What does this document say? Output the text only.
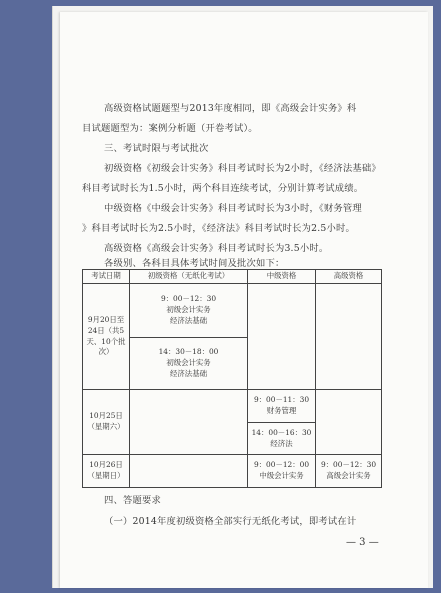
高级资格试题题型与2013年度相同，即《高级会计实务》科
目试题题型为：案例分析题（开卷考试）。
三、考试时限与考试批次
初级资格《初级会计实务》科目考试时长为2小时，《经济法基础》
科目考试时长为1.5小时，两个科目连续考试，分别计算考试成绩。
中级资格《中级会计实务》科目考试时长为3小时，《财务管理
》科目考试时长为2.5小时，《经济法》科目考试时长为2.5小时。
高级资格《高级会计实务》科目考试时长为3.5小时。
考试日期	初级资格（无纸化考试）	中级资格	高级资格

9月20日至
24日（共5
天、10个批
次）	9：00－12：30
初级会计实务
经济法基础		

	14：30－18：00
初级会计实务
经济法基础		

10月25日
（星期六）		9：00－11：30
财务管理	

		14：00－16：30
经济法	

10月26日
（星期日）		9：00－12：00
中级会计实务	9：00－12：30
高级会计实务
四、答题要求
（一）2014年度初级资格全部实行无纸化考试，即考试在计
— 3 —
各级别、各科目具体考试时间及批次如下：
